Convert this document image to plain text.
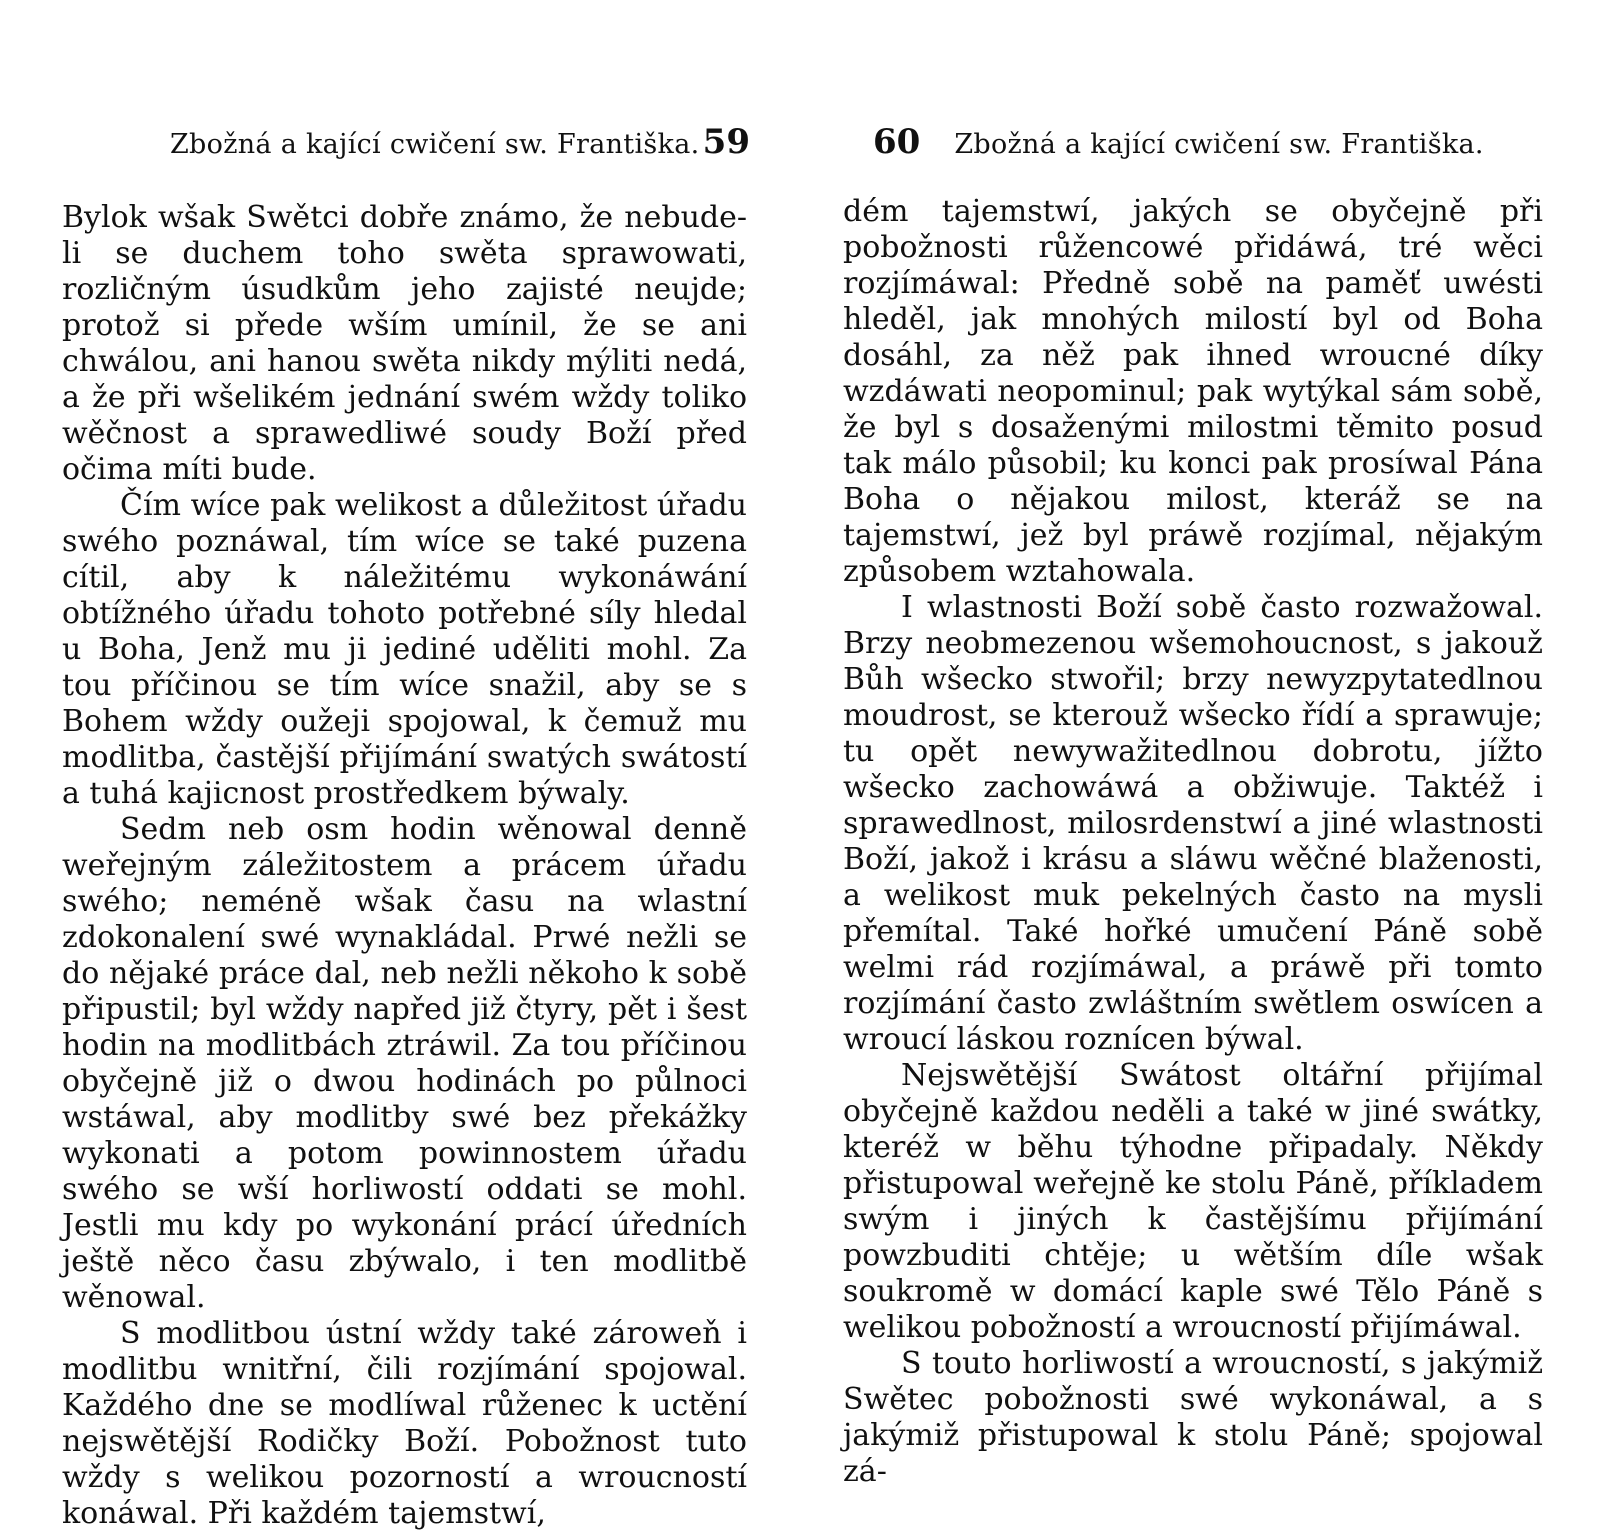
Zbožná a kající cwičení sw. Františka. 59

Bylok wšak Swětci dobře známo, že nebude-li se duchem toho swěta sprawowati, rozličným úsudkům jeho zajisté neujde; protož si přede wším umínil, že se ani chwálou, ani hanou swěta nikdy mýliti nedá, a že při wšelikém jednání swém wždy toliko wěčnost a sprawedliwé soudy Boží před očima míti bude.

Čím wíce pak welikost a důležitost úřadu swého poznáwal, tím wíce se také puzena cítil, aby k náležitému wykonáwání obtížného úřadu tohoto potřebné síly hledal u Boha, Jenž mu ji jediné uděliti mohl. Za tou příčinou se tím wíce snažil, aby se s Bohem wždy oužeji spojowal, k čemuž mu modlitba, častější přijímání swatých swátostí a tuhá kajicnost prostředkem býwaly.

Sedm neb osm hodin wěnowal denně weřejným záležitostem a prácem úřadu swého; neméně wšak času na wlastní zdokonalení swé wynakládal. Prwé nežli se do nějaké práce dal, neb nežli někoho k sobě připustil; byl wždy napřed již čtyry, pět i šest hodin na modlitbách ztráwil. Za tou příčinou obyčejně již o dwou hodinách po půlnoci wstáwal, aby modlitby swé bez překážky wykonati a potom powinnostem úřadu swého se wší horliwostí oddati se mohl. Jestli mu kdy po wykonání prácí úředních ještě něco času zbýwalo, i ten modlitbě wěnowal.

S modlitbou ústní wždy také zároweň i modlitbu wnitřní, čili rozjímání spojowal. Každého dne se modlíwal růženec k uctění nejswětější Rodičky Boží. Pobožnost tuto wždy s welikou pozorností a wroucností konáwal. Při každém tajemstwí,

60 Zbožná a kající cwičení sw. Františka.

dém tajemstwí, jakých se obyčejně při pobožnosti růžencowé přidáwá, tré wěci rozjímáwal: Předně sobě na paměť uwésti hleděl, jak mnohých milostí byl od Boha dosáhl, za něž pak ihned wroucné díky wzdáwati neopominul; pak wytýkal sám sobě, že byl s dosaženými milostmi těmito posud tak málo působil; ku konci pak prosíwal Pána Boha o nějakou milost, kteráž se na tajemstwí, jež byl práwě rozjímal, nějakým způsobem wztahowala.

I wlastnosti Boží sobě často rozwažowal. Brzy neobmezenou wšemohoucnost, s jakouž Bůh wšecko stwořil; brzy newyzpytatedlnou moudrost, se kterouž wšecko řídí a sprawuje; tu opět newywažitedlnou dobrotu, jížto wšecko zachowáwá a obžiwuje. Taktéž i sprawedlnost, milosrdenstwí a jiné wlastnosti Boží, jakož i krásu a sláwu wěčné blaženosti, a welikost muk pekelných často na mysli přemítal. Také hořké umučení Páně sobě welmi rád rozjímáwal, a práwě při tomto rozjímání často zwláštním swětlem oswícen a wroucí láskou roznícen býwal.

Nejswětější Swátost oltářní přijímal obyčejně každou neděli a také w jiné swátky, kteréž w běhu týhodne připadaly. Někdy přistupowal weřejně ke stolu Páně, příkladem swým i jiných k častějšímu přijímání powzbuditi chtěje; u wětším díle wšak soukromě w domácí kaple swé Tělo Páně s welikou pobožností a wroucností přijímáwal.

S touto horliwostí a wroucností, s jakýmiž Swětec pobožnosti swé wykonáwal, a s jakýmiž přistupowal k stolu Páně; spojowal zá-
